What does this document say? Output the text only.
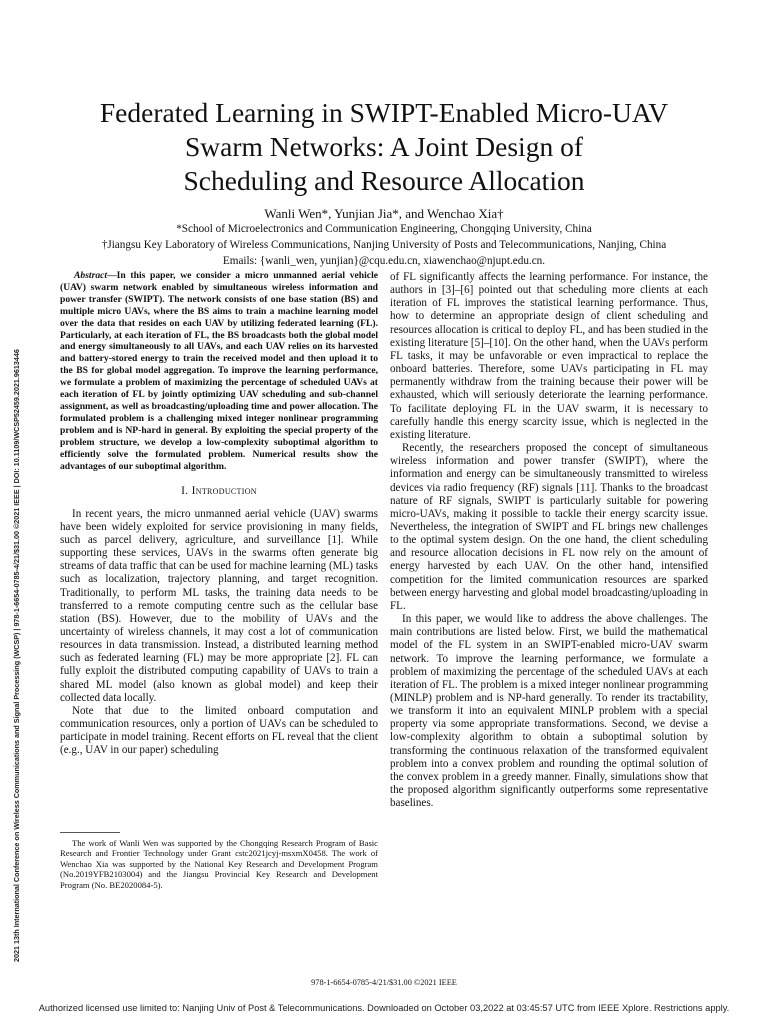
Federated Learning in SWIPT-Enabled Micro-UAV
Swarm Networks: A Joint Design of
Scheduling and Resource Allocation
Wanli Wen*, Yunjian Jia*, and Wenchao Xia†
*School of Microelectronics and Communication Engineering, Chongqing University, China
†Jiangsu Key Laboratory of Wireless Communications, Nanjing University of Posts and Telecommunications, Nanjing, China
Emails: {wanli_wen, yunjian}@cqu.edu.cn, xiawenchao@njupt.edu.cn.

Abstract—In this paper, we consider a micro unmanned aerial vehicle (UAV) swarm network enabled by simultaneous wireless information and power transfer (SWIPT). The network consists of one base station (BS) and multiple micro UAVs, where the BS aims to train a machine learning model over the data that resides on each UAV by utilizing federated learning (FL). Particularly, at each iteration of FL, the BS broadcasts both the global model and energy simultaneously to all UAVs, and each UAV relies on its harvested and battery-stored energy to train the received model and then upload it to the BS for global model aggregation. To improve the learning performance, we formulate a problem of maximizing the percentage of scheduled UAVs at each iteration of FL by jointly optimizing UAV scheduling and sub-channel assignment, as well as broadcasting/uploading time and power allocation. The formulated problem is a challenging mixed integer nonlinear programming problem and is NP-hard in general. By exploiting the special property of the problem structure, we develop a low-complexity suboptimal algorithm to efficiently solve the formulated problem. Numerical results show the advantages of our suboptimal algorithm.

I. Introduction

In recent years, the micro unmanned aerial vehicle (UAV) swarms have been widely exploited for service provisioning in many fields, such as parcel delivery, agriculture, and surveillance [1]. While supporting these services, UAVs in the swarms often generate big streams of data traffic that can be used for machine learning (ML) tasks such as localization, trajectory planning, and target recognition. Traditionally, to perform ML tasks, the training data needs to be transferred to a remote computing centre such as the cellular base station (BS). However, due to the mobility of UAVs and the uncertainty of wireless channels, it may cost a lot of communication resources in data transmission. Instead, a distributed learning method such as federated learning (FL) may be more appropriate [2]. FL can fully exploit the distributed computing capability of UAVs to train a shared ML model (also known as global model) and keep their collected data locally.

Note that due to the limited onboard computation and communication resources, only a portion of UAVs can be scheduled to participate in model training. Recent efforts on FL reveal that the client (e.g., UAV in our paper) scheduling

The work of Wanli Wen was supported by the Chongqing Research Program of Basic Research and Frontier Technology under Grant cstc2021jcyj-msxmX0458. The work of Wenchao Xia was supported by the National Key Research and Development Program (No.2019YFB2103004) and the Jiangsu Provincial Key Research and Development Program (No. BE2020084-5).

of FL significantly affects the learning performance. For instance, the authors in [3]–[6] pointed out that scheduling more clients at each iteration of FL improves the statistical learning performance. Thus, how to determine an appropriate design of client scheduling and resources allocation is critical to deploy FL, and has been studied in the existing literature [5]–[10]. On the other hand, when the UAVs perform FL tasks, it may be unfavorable or even impractical to replace the onboard batteries. Therefore, some UAVs participating in FL may permanently withdraw from the training because their power will be exhausted, which will seriously deteriorate the learning performance. To facilitate deploying FL in the UAV swarm, it is necessary to carefully handle this energy scarcity issue, which is neglected in the existing literature.

Recently, the researchers proposed the concept of simultaneous wireless information and power transfer (SWIPT), where the information and energy can be simultaneously transmitted to wireless devices via radio frequency (RF) signals [11]. Thanks to the broadcast nature of RF signals, SWIPT is particularly suitable for powering micro-UAVs, making it possible to tackle their energy scarcity issue. Nevertheless, the integration of SWIPT and FL brings new challenges to the optimal system design. On the one hand, the client scheduling and resource allocation decisions in FL now rely on the amount of energy harvested by each UAV. On the other hand, intensified competition for the limited communication resources are sparked between energy harvesting and global model broadcasting/uploading in FL.

In this paper, we would like to address the above challenges. The main contributions are listed below. First, we build the mathematical model of the FL system in an SWIPT-enabled micro-UAV swarm network. To improve the learning performance, we formulate a problem of maximizing the percentage of the scheduled UAVs at each iteration of FL. The problem is a mixed integer nonlinear programming (MINLP) problem and is NP-hard generally. To render its tractability, we transform it into an equivalent MINLP problem with a special property via some appropriate transformations. Second, we devise a low-complexity algorithm to obtain a suboptimal solution by transforming the continuous relaxation of the transformed equivalent problem into a convex problem and rounding the optimal solution of the convex problem in a greedy manner. Finally, simulations show that the proposed algorithm significantly outperforms some representative baselines.

978-1-6654-0785-4/21/$31.00 ©2021 IEEE
Authorized licensed use limited to: Nanjing Univ of Post & Telecommunications. Downloaded on October 03,2022 at 03:45:57 UTC from IEEE Xplore. Restrictions apply.
2021 13th International Conference on Wireless Communications and Signal Processing (WCSP) | 978-1-6654-0785-4/21/$31.00 ©2021 IEEE | DOI: 10.1109/WCSP52459.2021.9613446
